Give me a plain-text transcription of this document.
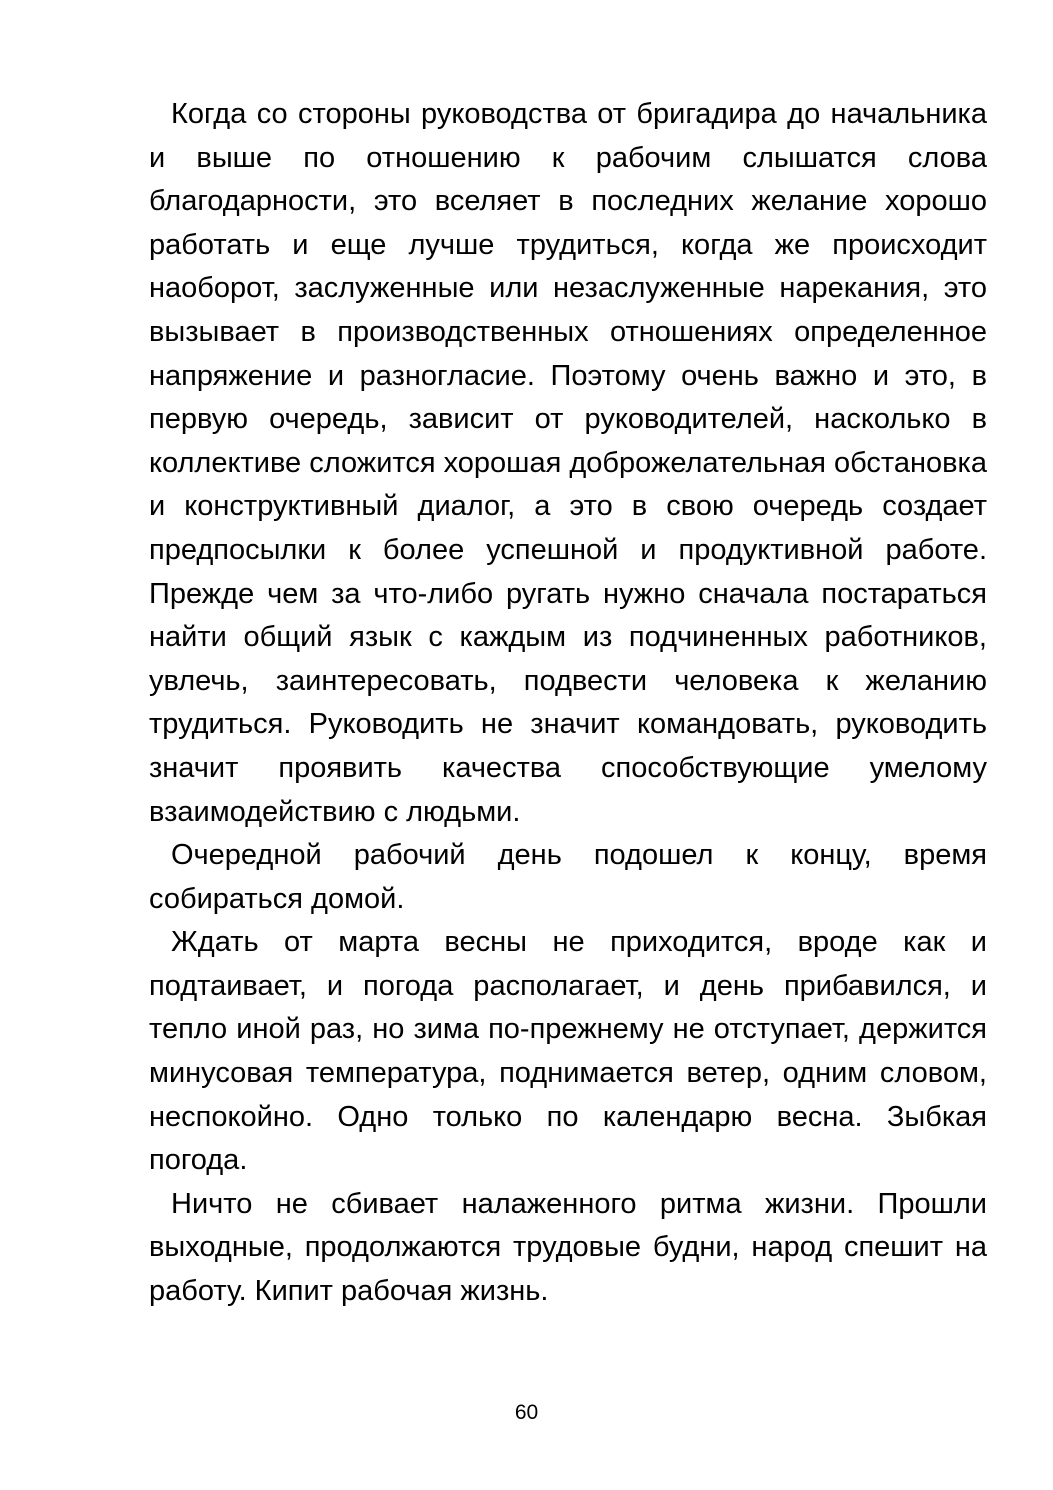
Когда со стороны руководства от бригадира до начальника и выше по отношению к рабочим слышатся слова благодарности, это вселяет в последних желание хорошо работать и еще лучше трудиться, когда же происходит наоборот, заслуженные или незаслуженные нарекания, это вызывает в производственных отношениях определенное напряжение и разногласие. Поэтому очень важно и это, в первую очередь, зависит от руководителей, насколько в коллективе сложится хорошая доброжелательная обстановка и конструктивный диалог, а это в свою очередь создает предпосылки к более успешной и продуктивной работе. Прежде чем за что-либо ругать нужно сначала постараться найти общий язык с каждым из подчиненных работников, увлечь, заинтересовать, подвести человека к желанию трудиться. Руководить не значит командовать, руководить значит проявить качества способствующие умелому взаимодействию с людьми.

Очередной рабочий день подошел к концу, время собираться домой.

Ждать от марта весны не приходится, вроде как и подтаивает, и погода располагает, и день прибавился, и тепло иной раз, но зима по-прежнему не отступает, держится минусовая температура, поднимается ветер, одним словом, неспокойно. Одно только по календарю весна. Зыбкая погода.

Ничто не сбивает налаженного ритма жизни. Прошли выходные, продолжаются трудовые будни, народ спешит на работу. Кипит рабочая жизнь.

60
